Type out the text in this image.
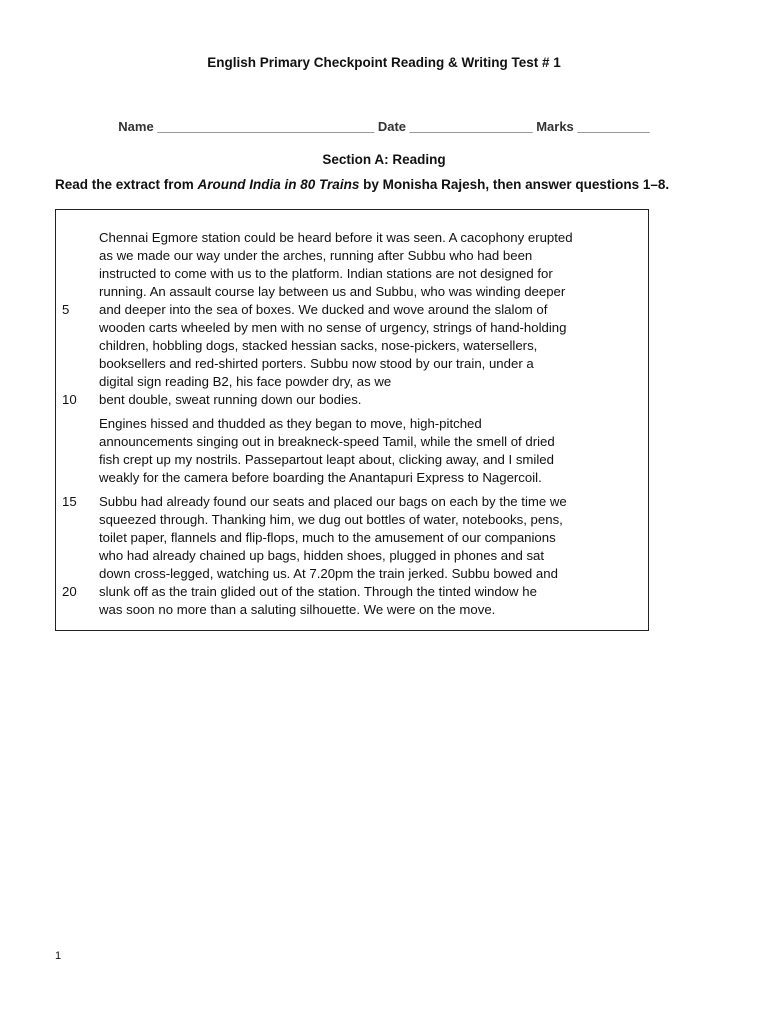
English Primary Checkpoint Reading & Writing Test # 1
Name ______________________________ Date _________________ Marks __________
Section A: Reading
Read the extract from Around India in 80 Trains by Monisha Rajesh, then answer questions 1–8.
Chennai Egmore station could be heard before it was seen. A cacophony erupted
as we made our way under the arches, running after Subbu who had been
instructed to come with us to the platform. Indian stations are not designed for
running. An assault course lay between us and Subbu, who was winding deeper
5	and deeper into the sea of boxes. We ducked and wove around the slalom of
wooden carts wheeled by men with no sense of urgency, strings of hand-holding
children, hobbling dogs, stacked hessian sacks, nose-pickers, watersellers,
booksellers and red-shirted porters. Subbu now stood by our train, under a
digital sign reading B2, his face powder dry, as we
10	bent double, sweat running down our bodies.
Engines hissed and thudded as they began to move, high-pitched
announcements singing out in breakneck-speed Tamil, while the smell of dried
fish crept up my nostrils. Passepartout leapt about, clicking away, and I smiled
weakly for the camera before boarding the Anantapuri Express to Nagercoil.
15	Subbu had already found our seats and placed our bags on each by the time we
squeezed through. Thanking him, we dug out bottles of water, notebooks, pens,
toilet paper, flannels and flip-flops, much to the amusement of our companions
who had already chained up bags, hidden shoes, plugged in phones and sat
down cross-legged, watching us. At 7.20pm the train jerked. Subbu bowed and
20	slunk off as the train glided out of the station. Through the tinted window he
was soon no more than a saluting silhouette. We were on the move.
1
